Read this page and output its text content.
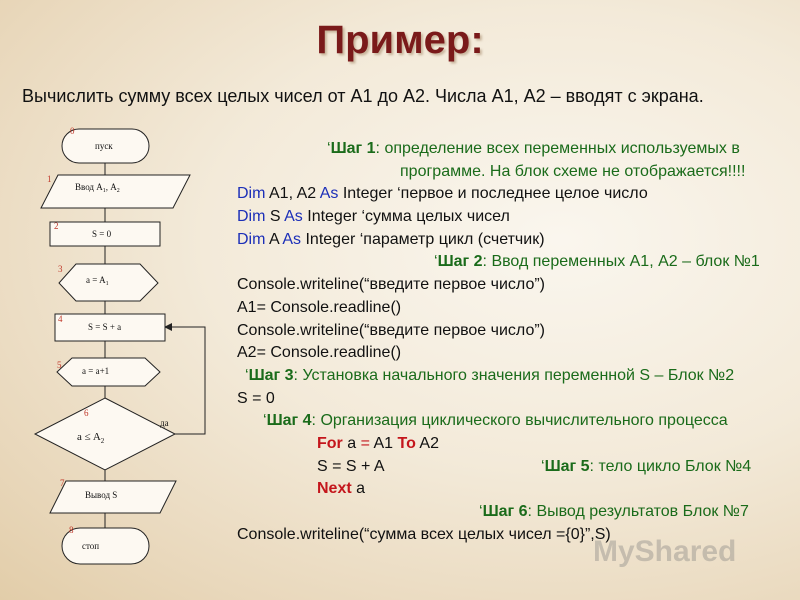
Пример:
Вычислить сумму всех целых чисел от А1 до А2. Числа А1, А2 – вводят с экрана.
пуск
0
Ввод $А_1$, $А_2$
1
S = 0
2
$a = A_1$
3
S = S + a
4
a = a+1
5
$a \le A_2$
6
да
Вывод S
7
стоп
8
‘Шаг 1: определение всех переменных используемых в
программе. На блок схеме не отображается!!!!
Dim A1, A2 As Integer ‘первое и последнее целое число
Dim S As Integer ‘сумма целых чисел
Dim A As Integer ‘параметр цикл (счетчик)
‘Шаг 2: Ввод переменных А1, А2 – блок №1
Console.writeline(“введите первое число”)
A1= Console.readline()
Console.writeline(“введите первое число”)
A2= Console.readline()
‘Шаг 3: Установка начального значения переменной S – Блок №2
S = 0
‘Шаг 4: Организация циклического вычислительного процесса
For a = A1 To A2
S = S + A	‘Шаг 5: тело цикло Блок №4
Next a
‘Шаг 6: Вывод результатов Блок №7
Console.writeline(“сумма всех целых чисел ={0}”,S)
MyShared
